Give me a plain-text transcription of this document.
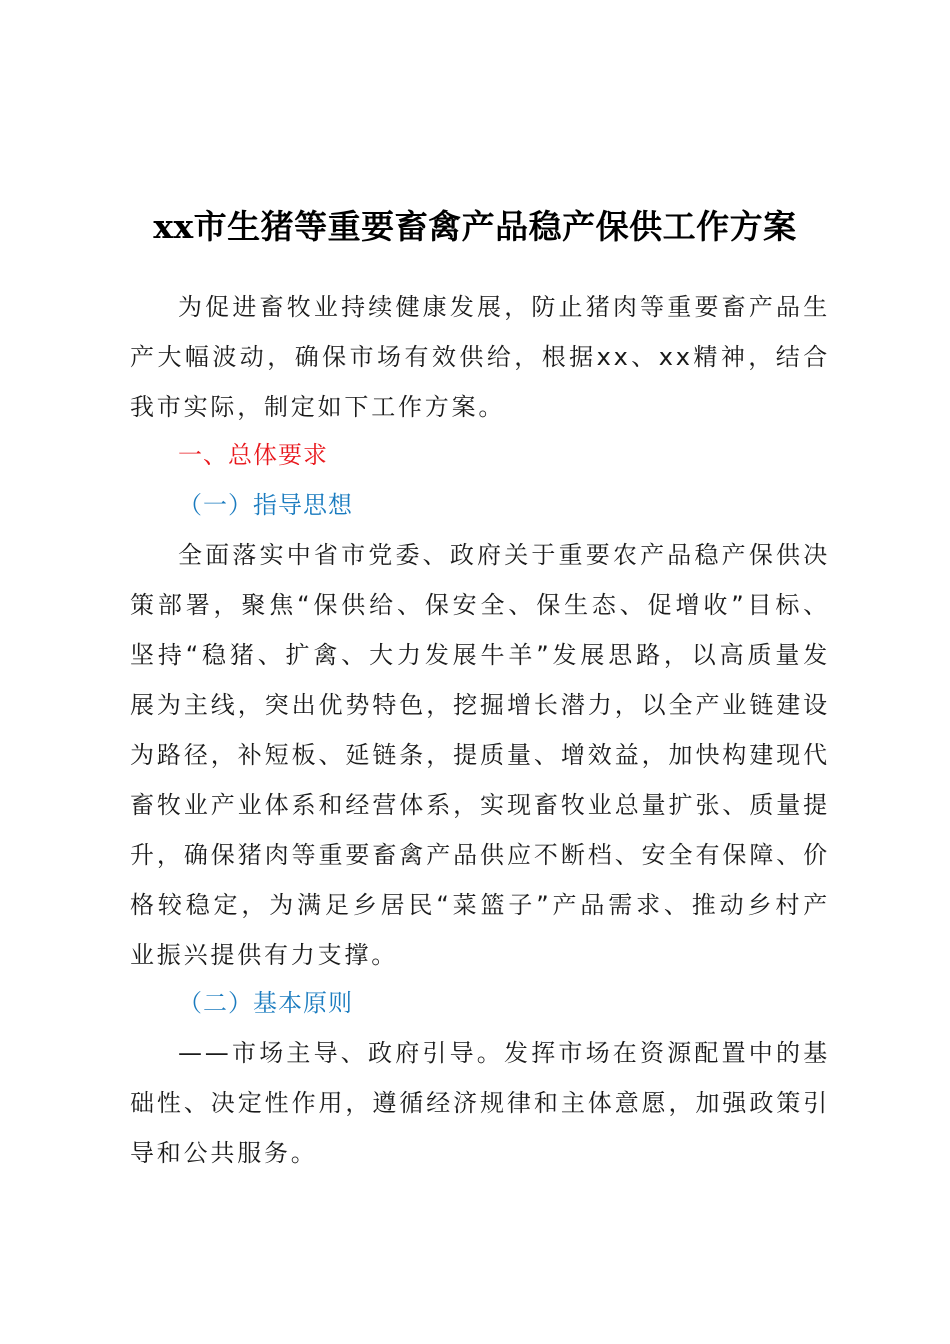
xx市生猪等重要畜禽产品稳产保供工作方案

为促进畜牧业持续健康发展，防止猪肉等重要畜产品生产大幅波动，确保市场有效供给，根据xx、xx精神，结合我市实际，制定如下工作方案。

一、总体要求

（一）指导思想

全面落实中省市党委、政府关于重要农产品稳产保供决策部署，聚焦“保供给、保安全、保生态、促增收”目标、坚持“稳猪、扩禽、大力发展牛羊”发展思路，以高质量发展为主线，突出优势特色，挖掘增长潜力，以全产业链建设为路径，补短板、延链条，提质量、增效益，加快构建现代畜牧业产业体系和经营体系，实现畜牧业总量扩张、质量提升，确保猪肉等重要畜禽产品供应不断档、安全有保障、价格较稳定，为满足乡居民“菜篮子”产品需求、推动乡村产业振兴提供有力支撑。

（二）基本原则

——市场主导、政府引导。发挥市场在资源配置中的基础性、决定性作用，遵循经济规律和主体意愿，加强政策引导和公共服务。
